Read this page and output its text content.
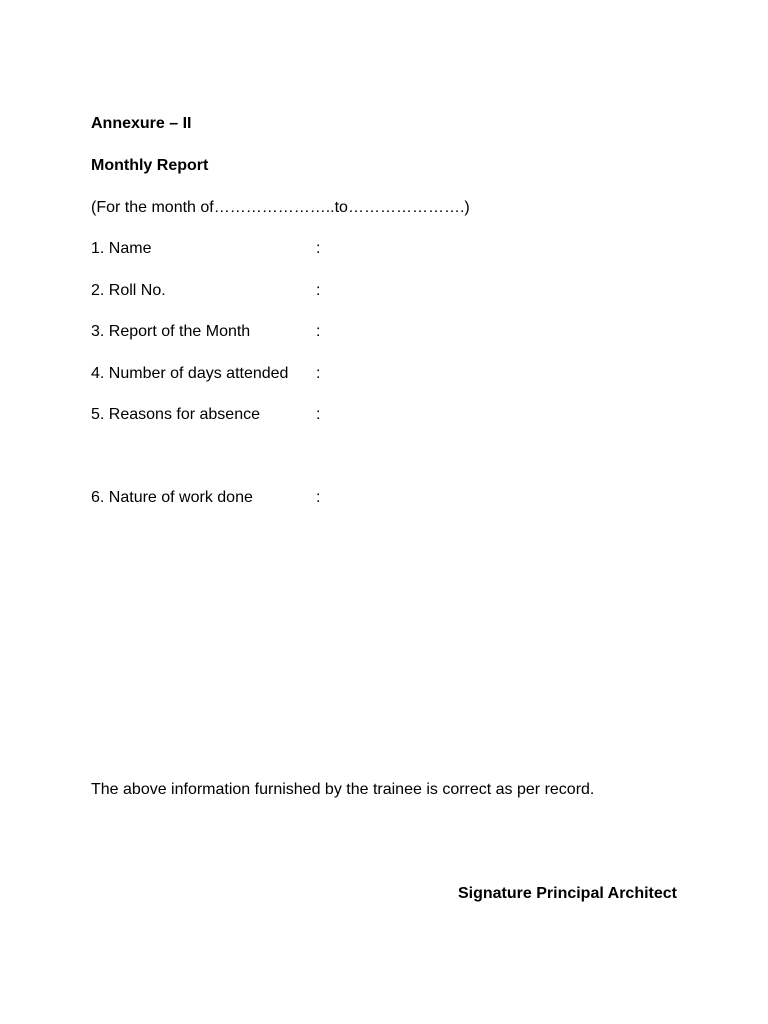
Annexure – II
Monthly Report
(For the month of…………………..to………………….)
1. Name	:
2. Roll No.	:
3. Report of the Month	:
4. Number of days attended :
5. Reasons for absence	:
6. Nature of work done	:
The above information furnished by the trainee is correct as per record.
Signature Principal Architect
